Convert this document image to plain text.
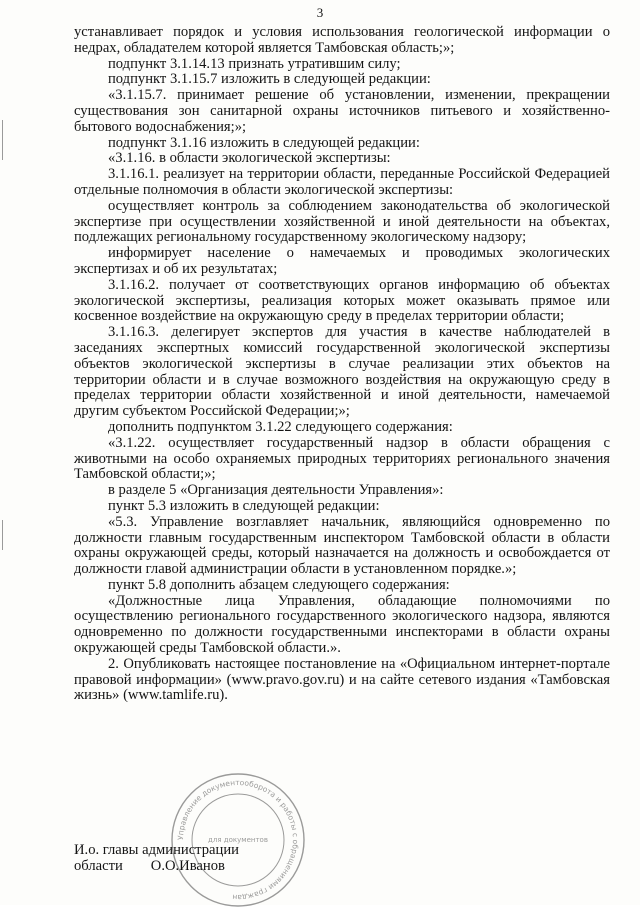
3

устанавливает порядок и условия использования геологической информации о недрах, обладателем которой является Тамбовская область;»;

подпункт 3.1.14.13 признать утратившим силу;

подпункт 3.1.15.7 изложить в следующей редакции:

«3.1.15.7. принимает решение об установлении, изменении, прекращении существования зон санитарной охраны источников питьевого и хозяйственно-бытового водоснабжения;»;

подпункт 3.1.16 изложить в следующей редакции:

«3.1.16. в области экологической экспертизы:

3.1.16.1. реализует на территории области, переданные Российской Федерацией отдельные полномочия в области экологической экспертизы:

осуществляет контроль за соблюдением законодательства об экологической экспертизе при осуществлении хозяйственной и иной деятельности на объектах, подлежащих региональному государственному экологическому надзору;

информирует население о намечаемых и проводимых экологических экспертизах и об их результатах;

3.1.16.2. получает от соответствующих органов информацию об объектах экологической экспертизы, реализация которых может оказывать прямое или косвенное воздействие на окружающую среду в пределах территории области;

3.1.16.3. делегирует экспертов для участия в качестве наблюдателей в заседаниях экспертных комиссий государственной экологической экспертизы объектов экологической экспертизы в случае реализации этих объектов на территории области и в случае возможного воздействия на окружающую среду в пределах территории области хозяйственной и иной деятельности, намечаемой другим субъектом Российской Федерации;»;

дополнить подпунктом 3.1.22 следующего содержания:

«3.1.22. осуществляет государственный надзор в области обращения с животными на особо охраняемых природных территориях регионального значения Тамбовской области;»;

в разделе 5 «Организация деятельности Управления»:

пункт 5.3 изложить в следующей редакции:

«5.3. Управление возглавляет начальник, являющийся одновременно по должности главным государственным инспектором Тамбовской области в области охраны окружающей среды, который назначается на должность и освобождается от должности главой администрации области в установленном порядке.»;

пункт 5.8 дополнить абзацем следующего содержания:

«Должностные лица Управления, обладающие полномочиями по осуществлению регионального государственного экологического надзора, являются одновременно по должности государственными инспекторами в области охраны окружающей среды Тамбовской области.».

2. Опубликовать настоящее постановление на «Официальном интернет-портале правовой информации» (www.pravo.gov.ru) и на сайте сетевого издания «Тамбовская жизнь» (www.tamlife.ru).

И.о. главы администрации
области О.О.Иванов
Управление документооборота и работы с обращениями граждан
для документов
